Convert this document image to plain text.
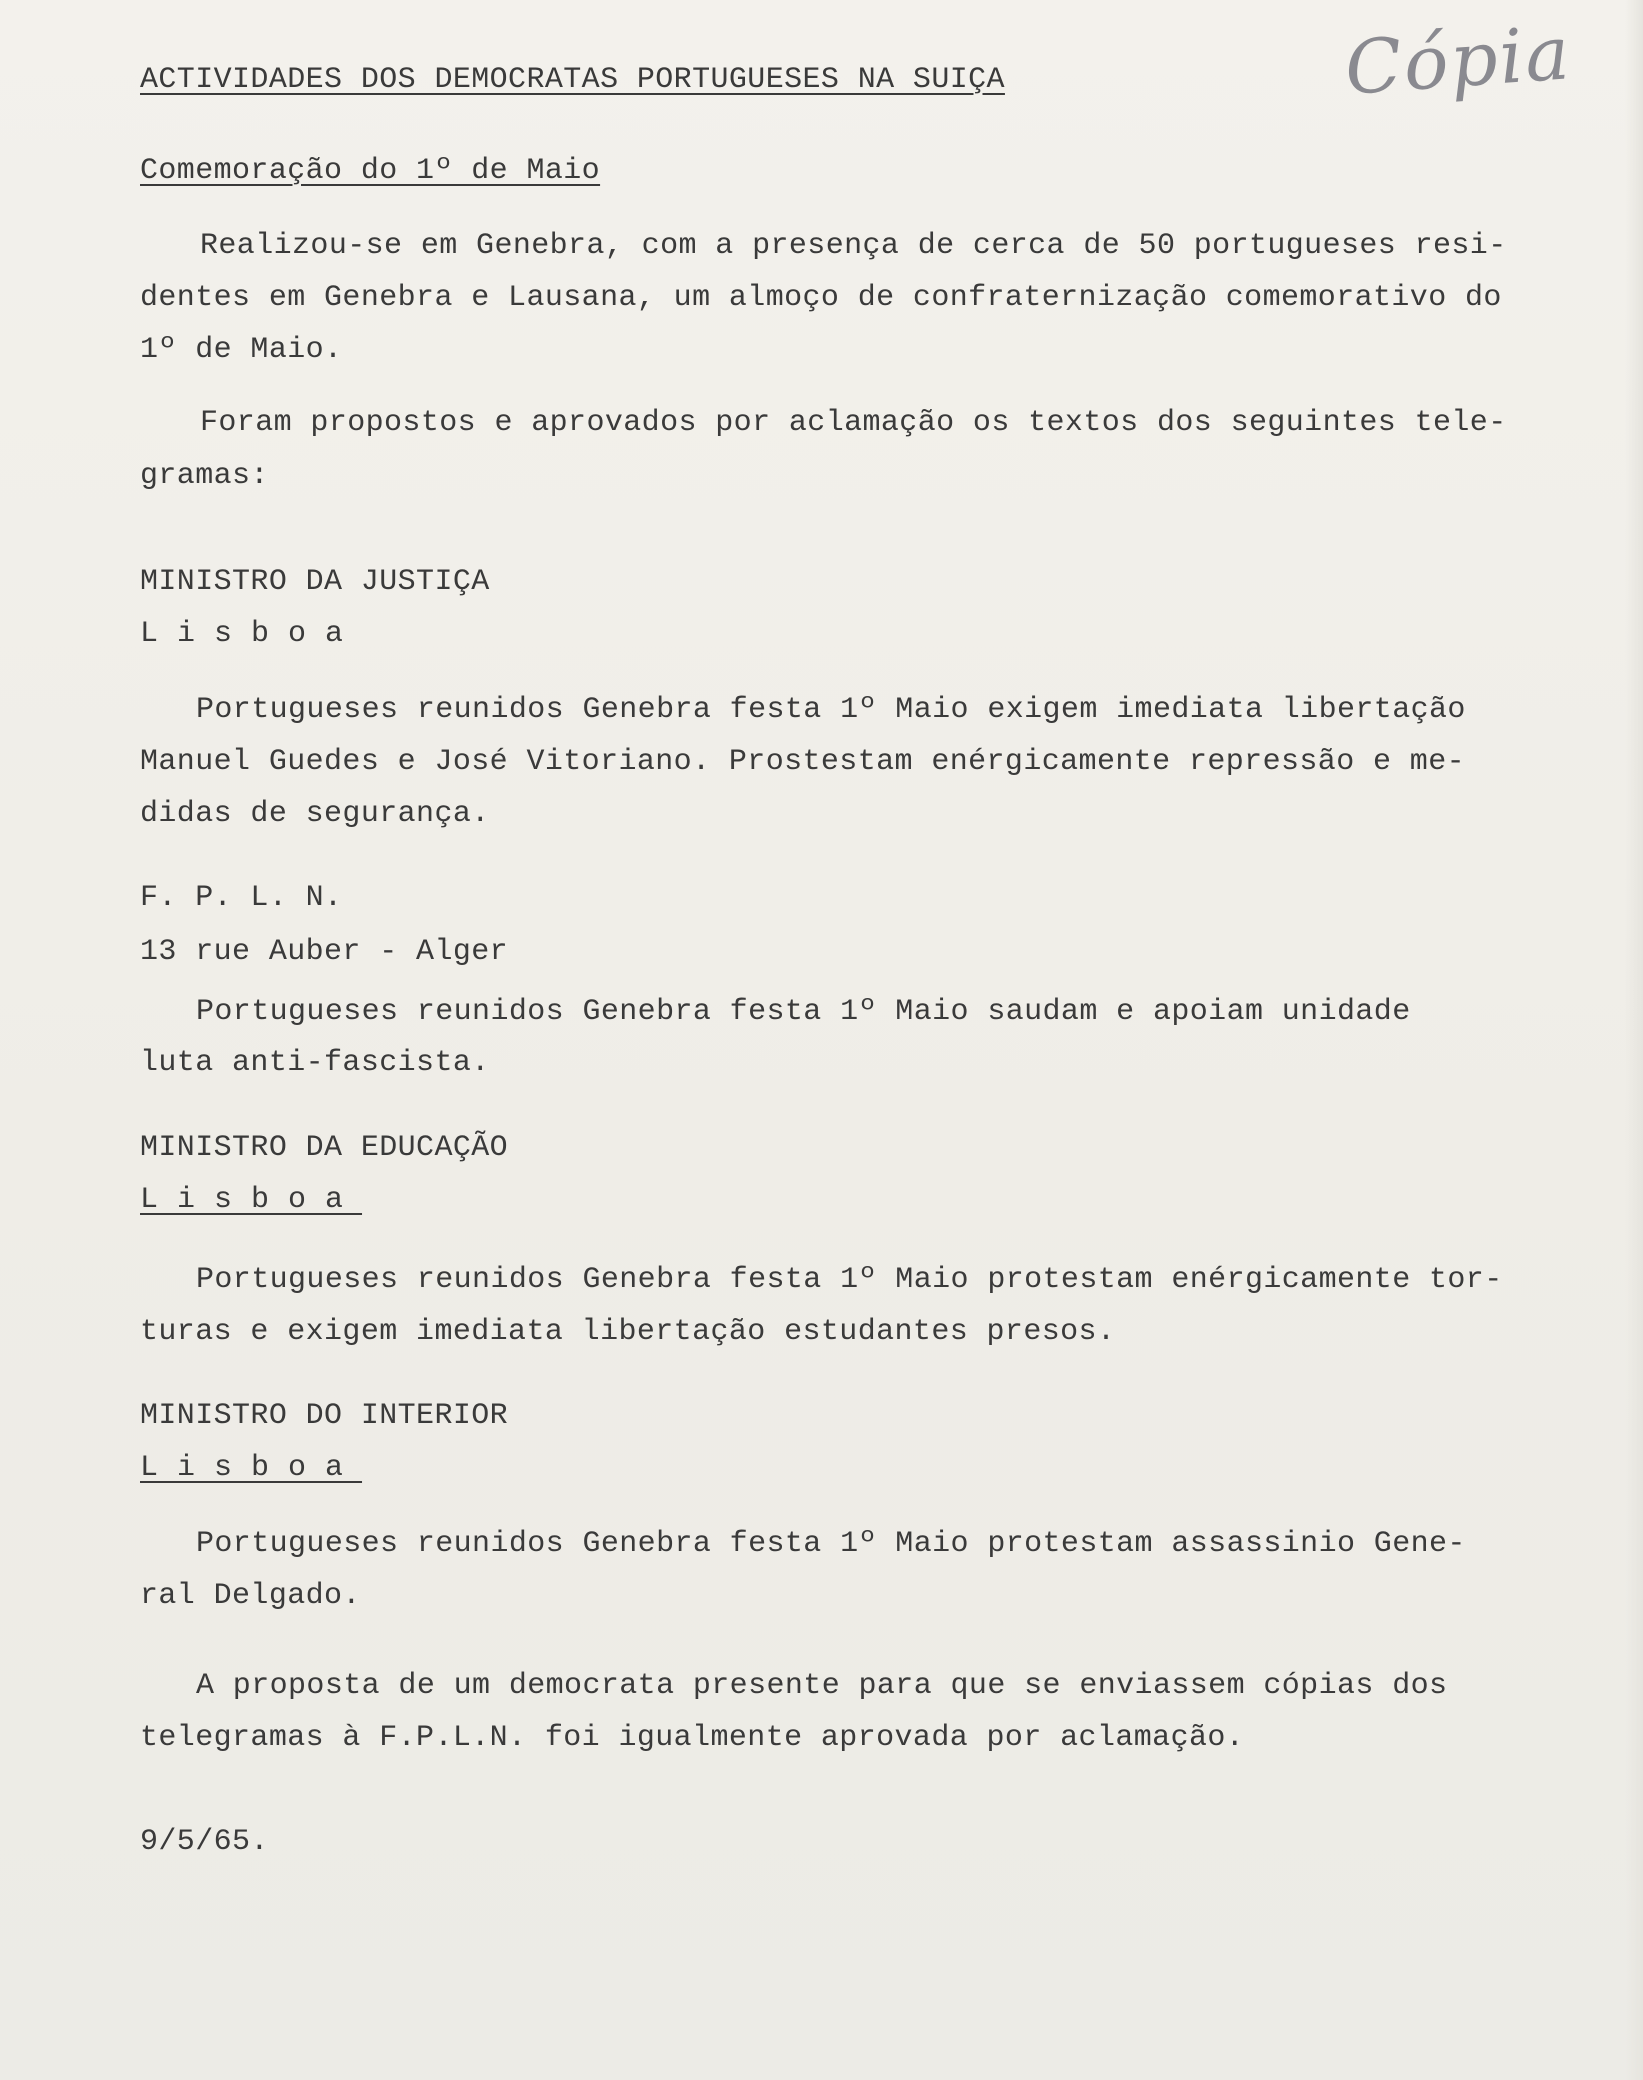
Cópia
ACTIVIDADES DOS DEMOCRATAS PORTUGUESES NA SUIÇA
Comemoração do 1º de Maio
Realizou-se em Genebra, com a presença de cerca de 50 portugueses resi-
dentes em Genebra e Lausana, um almoço de confraternização comemorativo do
1º de Maio.
Foram propostos e aprovados por aclamação os textos dos seguintes tele-
gramas:
MINISTRO DA JUSTIÇA
Lisboa
Portugueses reunidos Genebra festa 1º Maio exigem imediata libertação
Manuel Guedes e José Vitoriano. Prostestam enérgicamente repressão e me-
didas de segurança.
F. P. L. N.
13 rue Auber - Alger
Portugueses reunidos Genebra festa 1º Maio saudam e apoiam unidade
luta anti-fascista.
MINISTRO DA EDUCAÇÃO
Lisboa
Portugueses reunidos Genebra festa 1º Maio protestam enérgicamente tor-
turas e exigem imediata libertação estudantes presos.
MINISTRO DO INTERIOR
Lisboa
Portugueses reunidos Genebra festa 1º Maio protestam assassinio Gene-
ral Delgado.
A proposta de um democrata presente para que se enviassem cópias dos
telegramas à F.P.L.N. foi igualmente aprovada por aclamação.
9/5/65.
